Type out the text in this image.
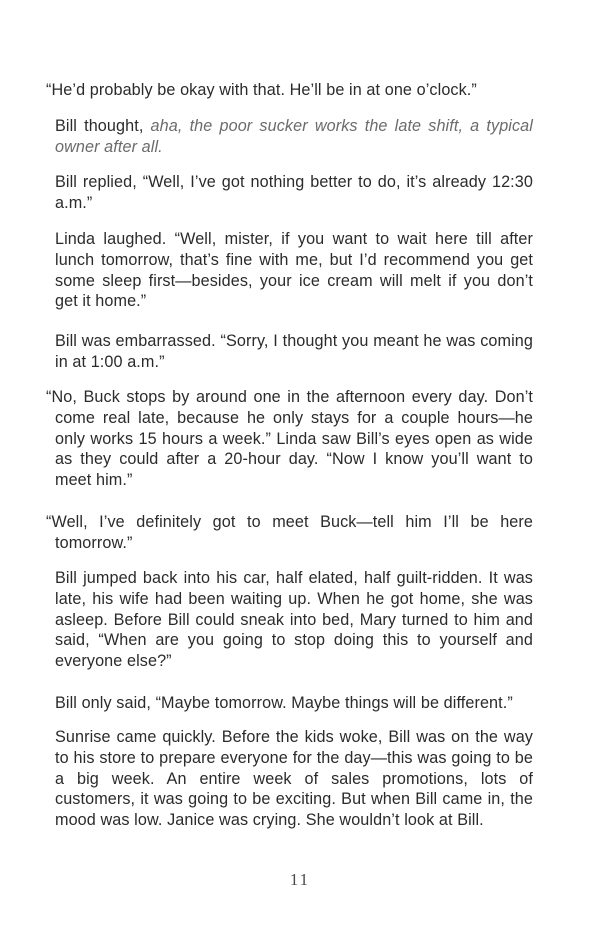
“He’d probably be okay with that. He’ll be in at one o’clock.”

Bill thought, aha, the poor sucker works the late shift, a typical owner after all.

Bill replied, “Well, I’ve got nothing better to do, it’s already 12:30 a.m.”

Linda laughed. “Well, mister, if you want to wait here till after lunch tomorrow, that’s fine with me, but I’d recommend you get some sleep first—besides, your ice cream will melt if you don’t get it home.”

Bill was embarrassed. “Sorry, I thought you meant he was coming in at 1:00 a.m.”

“No, Buck stops by around one in the afternoon every day. Don’t come real late, because he only stays for a couple hours—he only works 15 hours a week.” Linda saw Bill’s eyes open as wide as they could after a 20-hour day. “Now I know you’ll want to meet him.”

“Well, I’ve definitely got to meet Buck—tell him I’ll be here tomorrow.”

Bill jumped back into his car, half elated, half guilt-ridden. It was late, his wife had been waiting up. When he got home, she was asleep. Before Bill could sneak into bed, Mary turned to him and said, “When are you going to stop doing this to yourself and everyone else?”

Bill only said, “Maybe tomorrow. Maybe things will be different.”

Sunrise came quickly. Before the kids woke, Bill was on the way to his store to prepare everyone for the day—this was going to be a big week. An entire week of sales promotions, lots of customers, it was going to be exciting. But when Bill came in, the mood was low. Janice was crying. She wouldn’t look at Bill.

11
